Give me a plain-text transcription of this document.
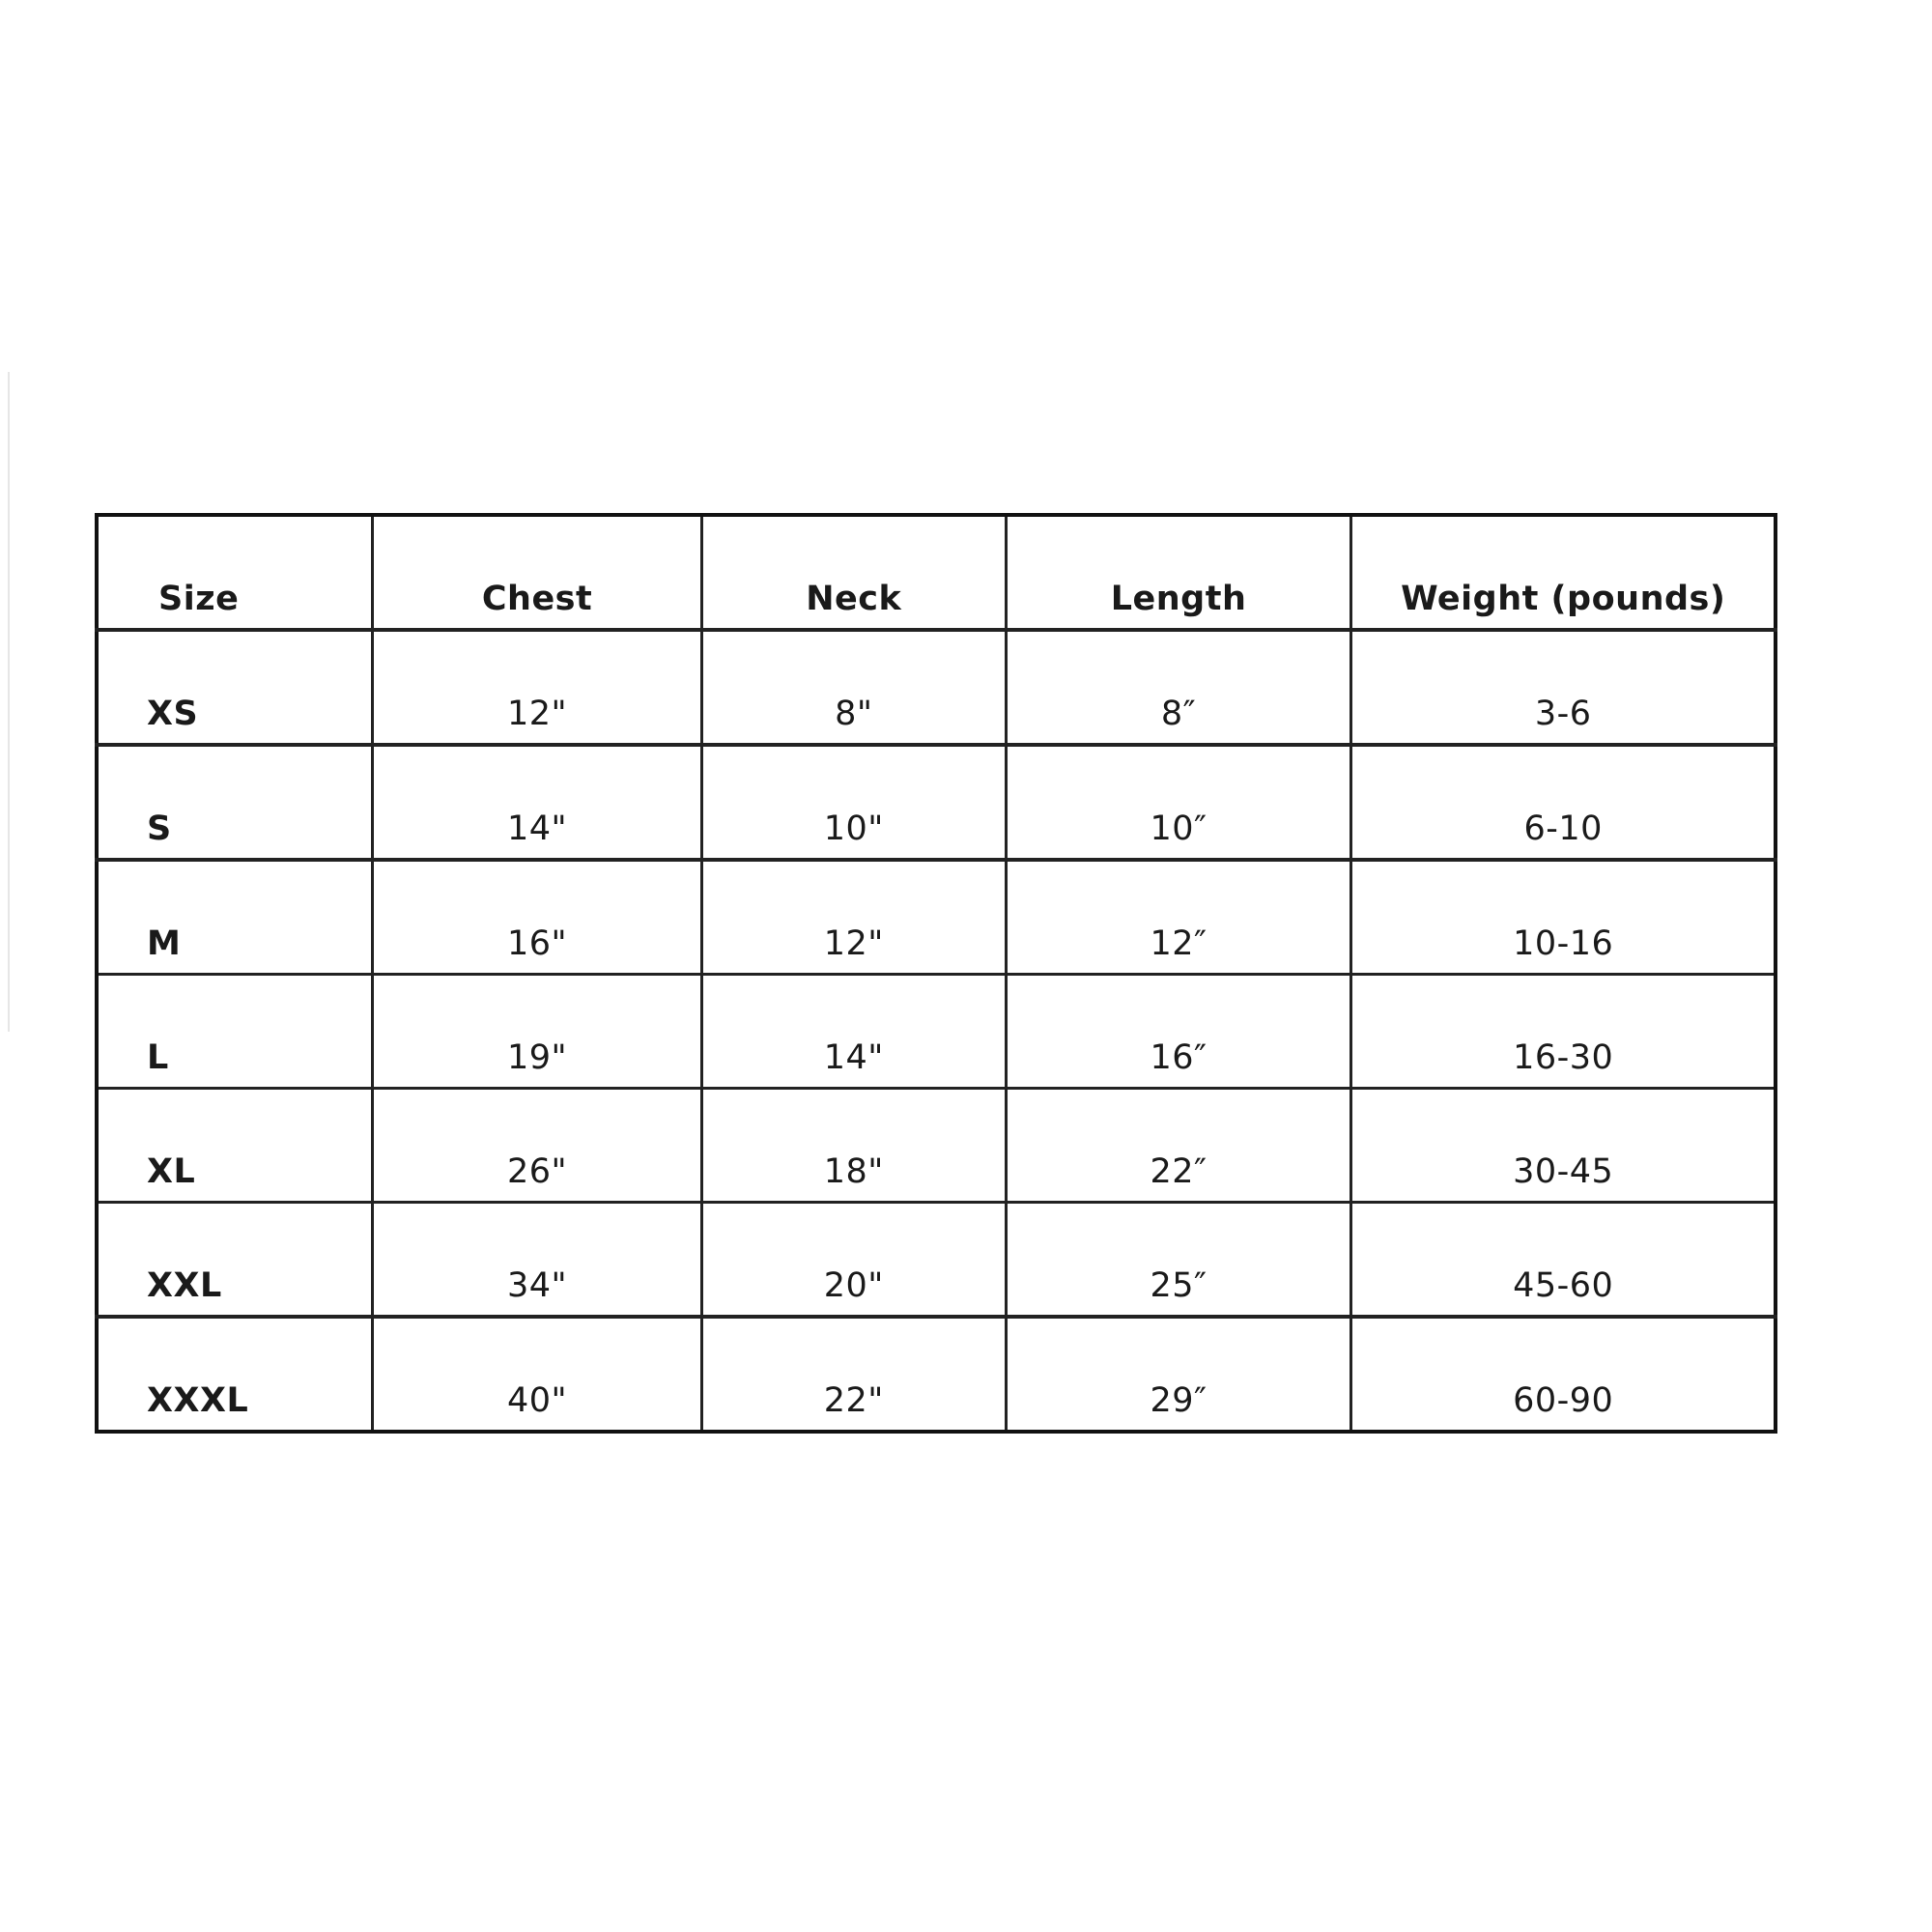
Size	Chest	Neck	Length	Weight (pounds)
XS	12"	8"	8″	3-6
S	14"	10"	10″	6-10
M	16"	12"	12″	10-16
L	19"	14"	16″	16-30
XL	26"	18"	22″	30-45
XXL	34"	20"	25″	45-60
XXXL	40"	22"	29″	60-90
